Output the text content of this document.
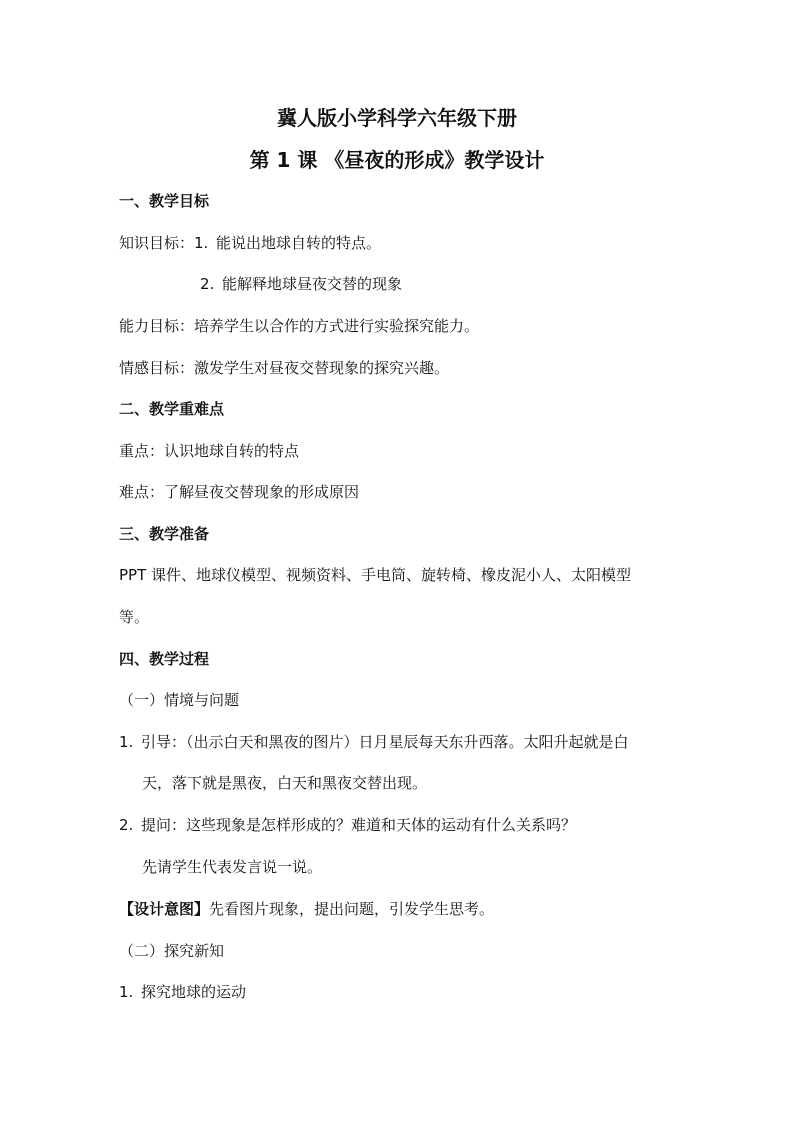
冀人版小学科学六年级下册
第 1 课 《昼夜的形成》教学设计
一、教学目标
知识目标：1. 能说出地球自转的特点。
2. 能解释地球昼夜交替的现象
能力目标：培养学生以合作的方式进行实验探究能力。
情感目标：激发学生对昼夜交替现象的探究兴趣。
二、教学重难点
重点：认识地球自转的特点
难点：了解昼夜交替现象的形成原因
三、教学准备
PPT 课件、地球仪模型、视频资料、手电筒、旋转椅、橡皮泥小人、太阳模型
等。
四、教学过程
（一）情境与问题
1. 引导：（出示白天和黑夜的图片）日月星辰每天东升西落。太阳升起就是白
天，落下就是黑夜，白天和黑夜交替出现。
2. 提问：这些现象是怎样形成的？难道和天体的运动有什么关系吗？
先请学生代表发言说一说。
【设计意图】先看图片现象，提出问题，引发学生思考。
（二）探究新知
1. 探究地球的运动
